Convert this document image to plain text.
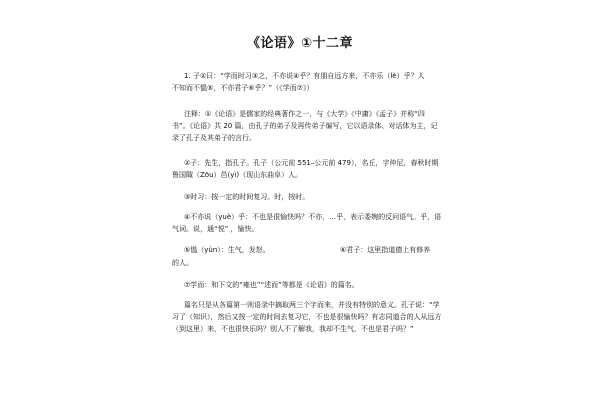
《论语》①十二章
1. 子②曰：“学而时习③之，不亦说④乎？有朋自远方来，不亦乐（lè）乎？人
不知而不愠⑤，不亦君子⑥乎？”（《学而⑦》）
注释：①《论语》是儒家的经典著作之一，与《大学》《中庸》《孟子》并称“四
书”。《论语》共 20 篇，由孔子的弟子及再传弟子编写，它以语录体、对话体为主，记
录了孔子及其弟子的言行。
②子：先生，指孔子。孔子（公元前 551–公元前 479），名丘，字仲尼，春秋时期
鲁国陬（Zōu）邑(yì)（现山东曲阜）人。
③时习：按一定的时间复习。时，按时。
④不亦说（yuè）乎：不也是很愉快吗？不亦，…乎，表示委婉的反问语气。乎，语
气词。说，通“悦” ，愉快。
⑤愠（yùn）：生气，发怒。	⑥君子：这里指道德上有修养
的人。
⑦学而：和下文的“雍也”“述而”等都是《论语》的篇名。
篇名只是从各篇第一则语录中摘取两三个字而来，并没有特别的意义。孔子说：“学
习了（知识），然后又按一定的时间去复习它，不也是很愉快吗？有志同道合的人从远方
（到这里）来，不也很快乐吗？别人不了解我，我却不生气，不也是君子吗？”
